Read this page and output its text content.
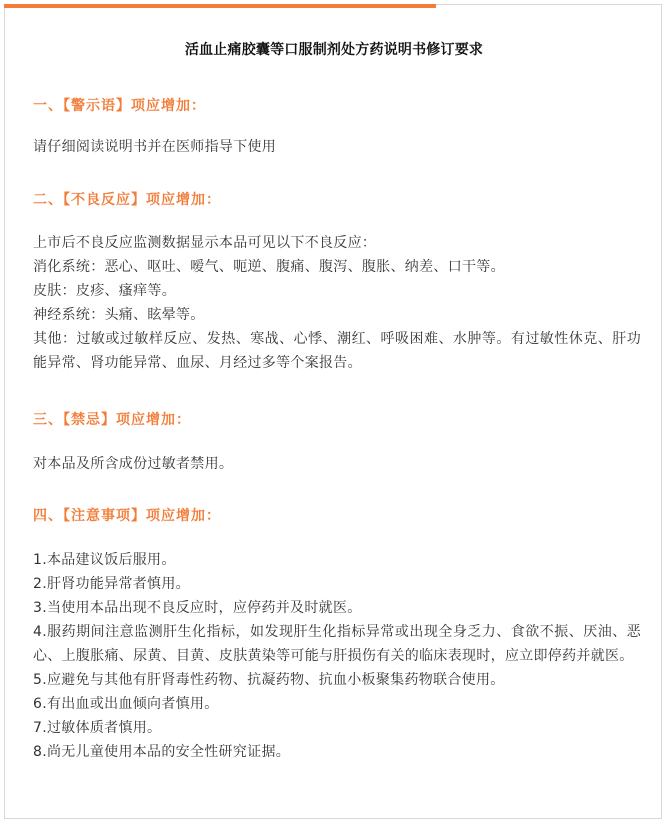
活血止痛胶囊等口服制剂处方药说明书修订要求
一、【警示语】项应增加：
请仔细阅读说明书并在医师指导下使用
二、【不良反应】项应增加：
上市后不良反应监测数据显示本品可见以下不良反应：
消化系统：恶心、呕吐、嗳气、呃逆、腹痛、腹泻、腹胀、纳差、口干等。
皮肤：皮疹、瘙痒等。
神经系统：头痛、眩晕等。
其他：过敏或过敏样反应、发热、寒战、心悸、潮红、呼吸困难、水肿等。有过敏性休克、肝功能异常、肾功能异常、血尿、月经过多等个案报告。
三、【禁忌】项应增加：
对本品及所含成份过敏者禁用。
四、【注意事项】项应增加：
1.本品建议饭后服用。
2.肝肾功能异常者慎用。
3.当使用本品出现不良反应时，应停药并及时就医。
4.服药期间注意监测肝生化指标，如发现肝生化指标异常或出现全身乏力、食欲不振、厌油、恶心、上腹胀痛、尿黄、目黄、皮肤黄染等可能与肝损伤有关的临床表现时，应立即停药并就医。
5.应避免与其他有肝肾毒性药物、抗凝药物、抗血小板聚集药物联合使用。
6.有出血或出血倾向者慎用。
7.过敏体质者慎用。
8.尚无儿童使用本品的安全性研究证据。
